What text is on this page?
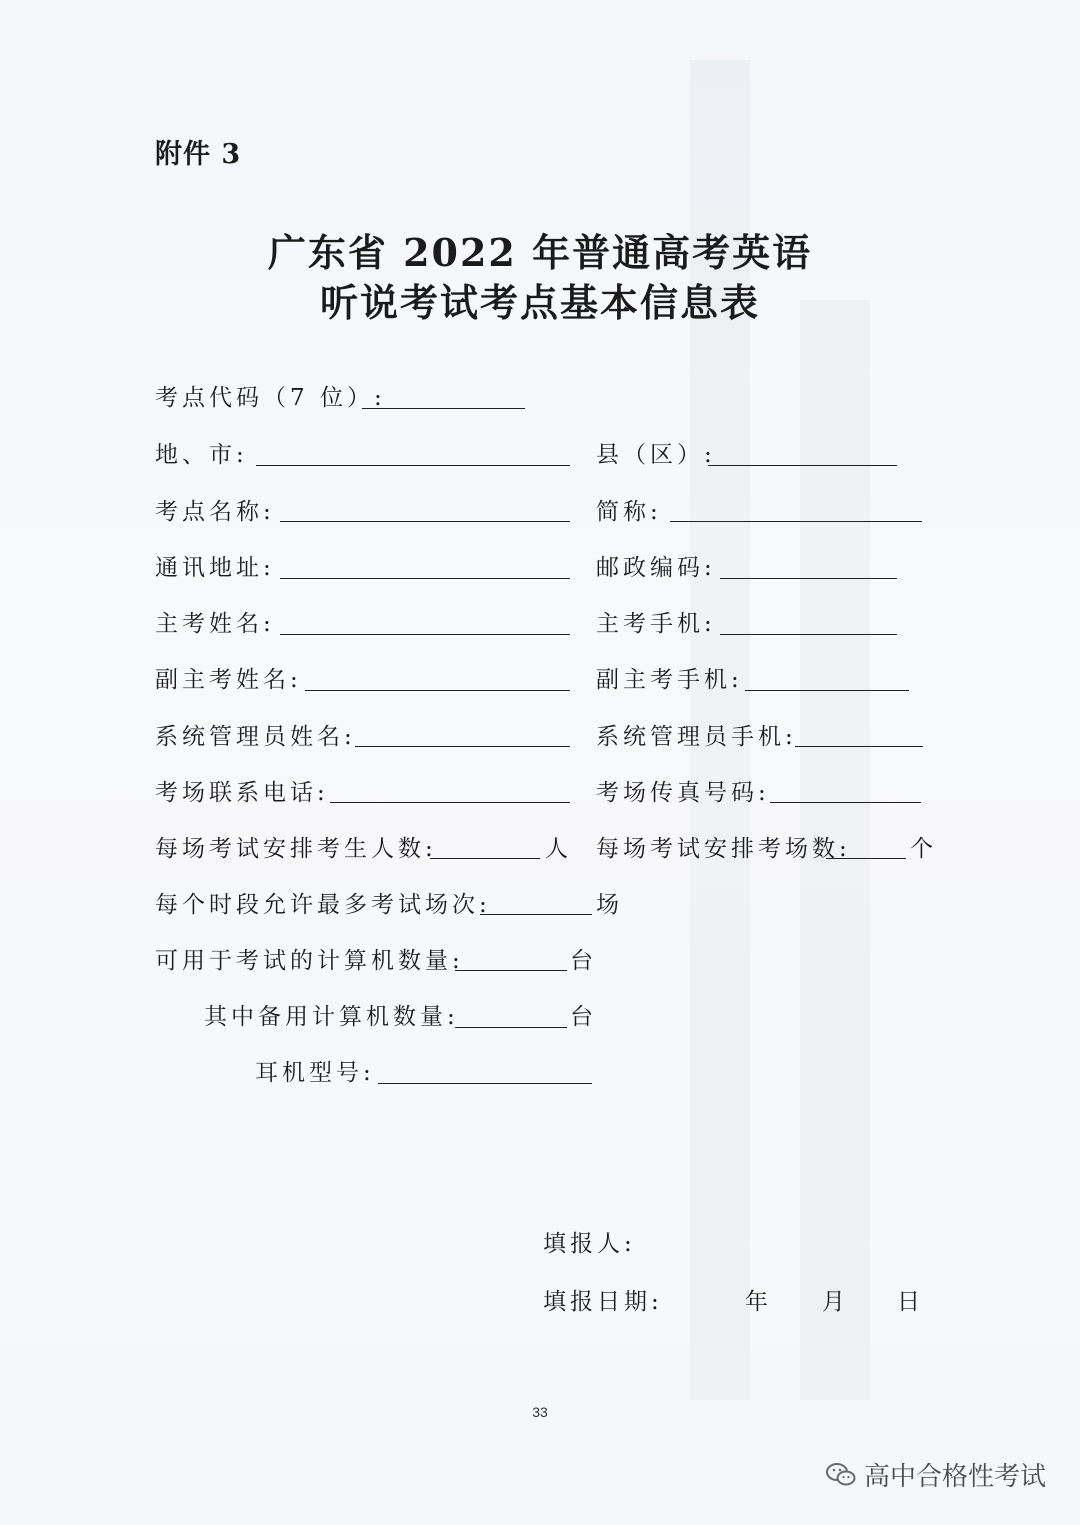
附件 3
广东省 2022 年普通高考英语
听说考试考点基本信息表
考点代码（7 位）:
地、市:	县（区）:
考点名称:	简称:
通讯地址:	邮政编码:
主考姓名:	主考手机:
副主考姓名:	副主考手机:
系统管理员姓名:	系统管理员手机:
考场联系电话:	考场传真号码:
每场考试安排考生人数:	人 每场考试安排考场数:	个
每个时段允许最多考试场次:	场
可用于考试的计算机数量:	台
其中备用计算机数量:	台
耳机型号:
填报人:
填报日期:	年 月 日
33
高中合格性考试
